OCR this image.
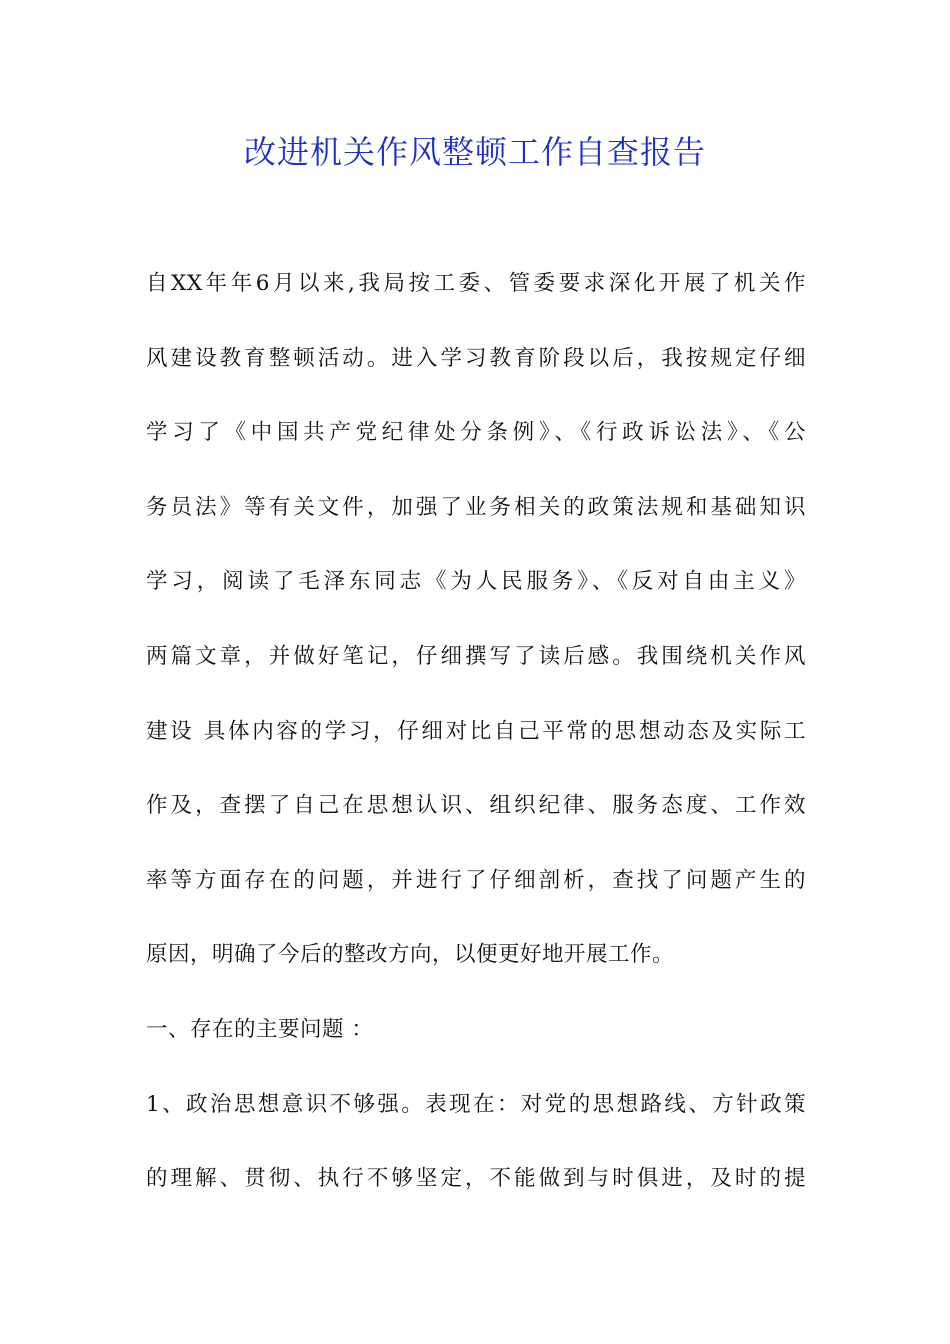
改进机关作风整顿工作自查报告
自XX年年6月以来,我局按工委、管委要求深化开展了机关作
风建设教育整顿活动。进入学习教育阶段以后，我按规定仔细
学习了《中国共产党纪律处分条例》、《行政诉讼法》、《公
务员法》等有关文件，加强了业务相关的政策法规和基础知识
学习，阅读了毛泽东同志《为人民服务》、《反对自由主义》
两篇文章，并做好笔记，仔细撰写了读后感。我围绕机关作风
建设 具体内容的学习，仔细对比自己平常的思想动态及实际工
作及，查摆了自己在思想认识、组织纪律、服务态度、工作效
率等方面存在的问题，并进行了仔细剖析，查找了问题产生的
原因，明确了今后的整改方向，以便更好地开展工作。
一、存在的主要问题 ：
1、政治思想意识不够强。表现在：对党的思想路线、方针政策
的理解、贯彻、执行不够坚定，不能做到与时俱进，及时的提
